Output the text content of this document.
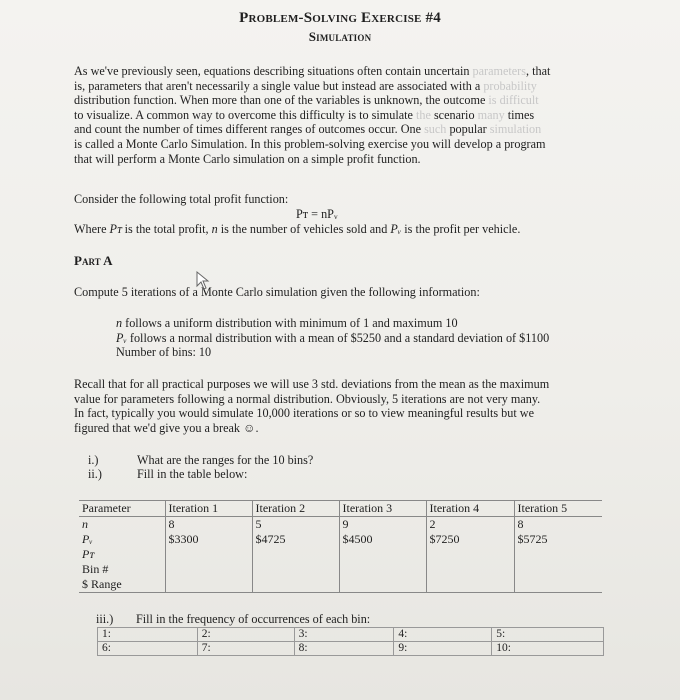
Problem-Solving Exercise #4
Simulation
As we've previously seen, equations describing situations often contain uncertain parameters, that
is, parameters that aren't necessarily a single value but instead are associated with a probability
distribution function. When more than one of the variables is unknown, the outcome is difficult
to visualize. A common way to overcome this difficulty is to simulate the scenario many times
and count the number of times different ranges of outcomes occur. One such popular simulation
is called a Monte Carlo Simulation. In this problem-solving exercise you will develop a program
that will perform a Monte Carlo simulation on a simple profit function.
Consider the following total profit function:
Pᴛ = nPᵥ
Where Pᴛ is the total profit, n is the number of vehicles sold and Pᵥ is the profit per vehicle.
Part A
Compute 5 iterations of a Monte Carlo simulation given the following information:
n follows a uniform distribution with minimum of 1 and maximum 10
Pᵥ follows a normal distribution with a mean of $5250 and a standard deviation of $1100
Number of bins: 10
Recall that for all practical purposes we will use 3 std. deviations from the mean as the maximum
value for parameters following a normal distribution. Obviously, 5 iterations are not very many.
In fact, typically you would simulate 10,000 iterations or so to view meaningful results but we
figured that we'd give you a break ☺.
i.)	What are the ranges for the 10 bins?
ii.)	Fill in the table below:
Parameter	Iteration 1	Iteration 2	Iteration 3	Iteration 4	Iteration 5
n	8	5	9	2	8
Pᵥ	$3300	$4725	$4500	$7250	$5725
Pᴛ					
Bin #					
$ Range					
iii.) Fill in the frequency of occurrences of each bin:
1:	2:	3:	4:	5:
6:	7:	8:	9:	10:
